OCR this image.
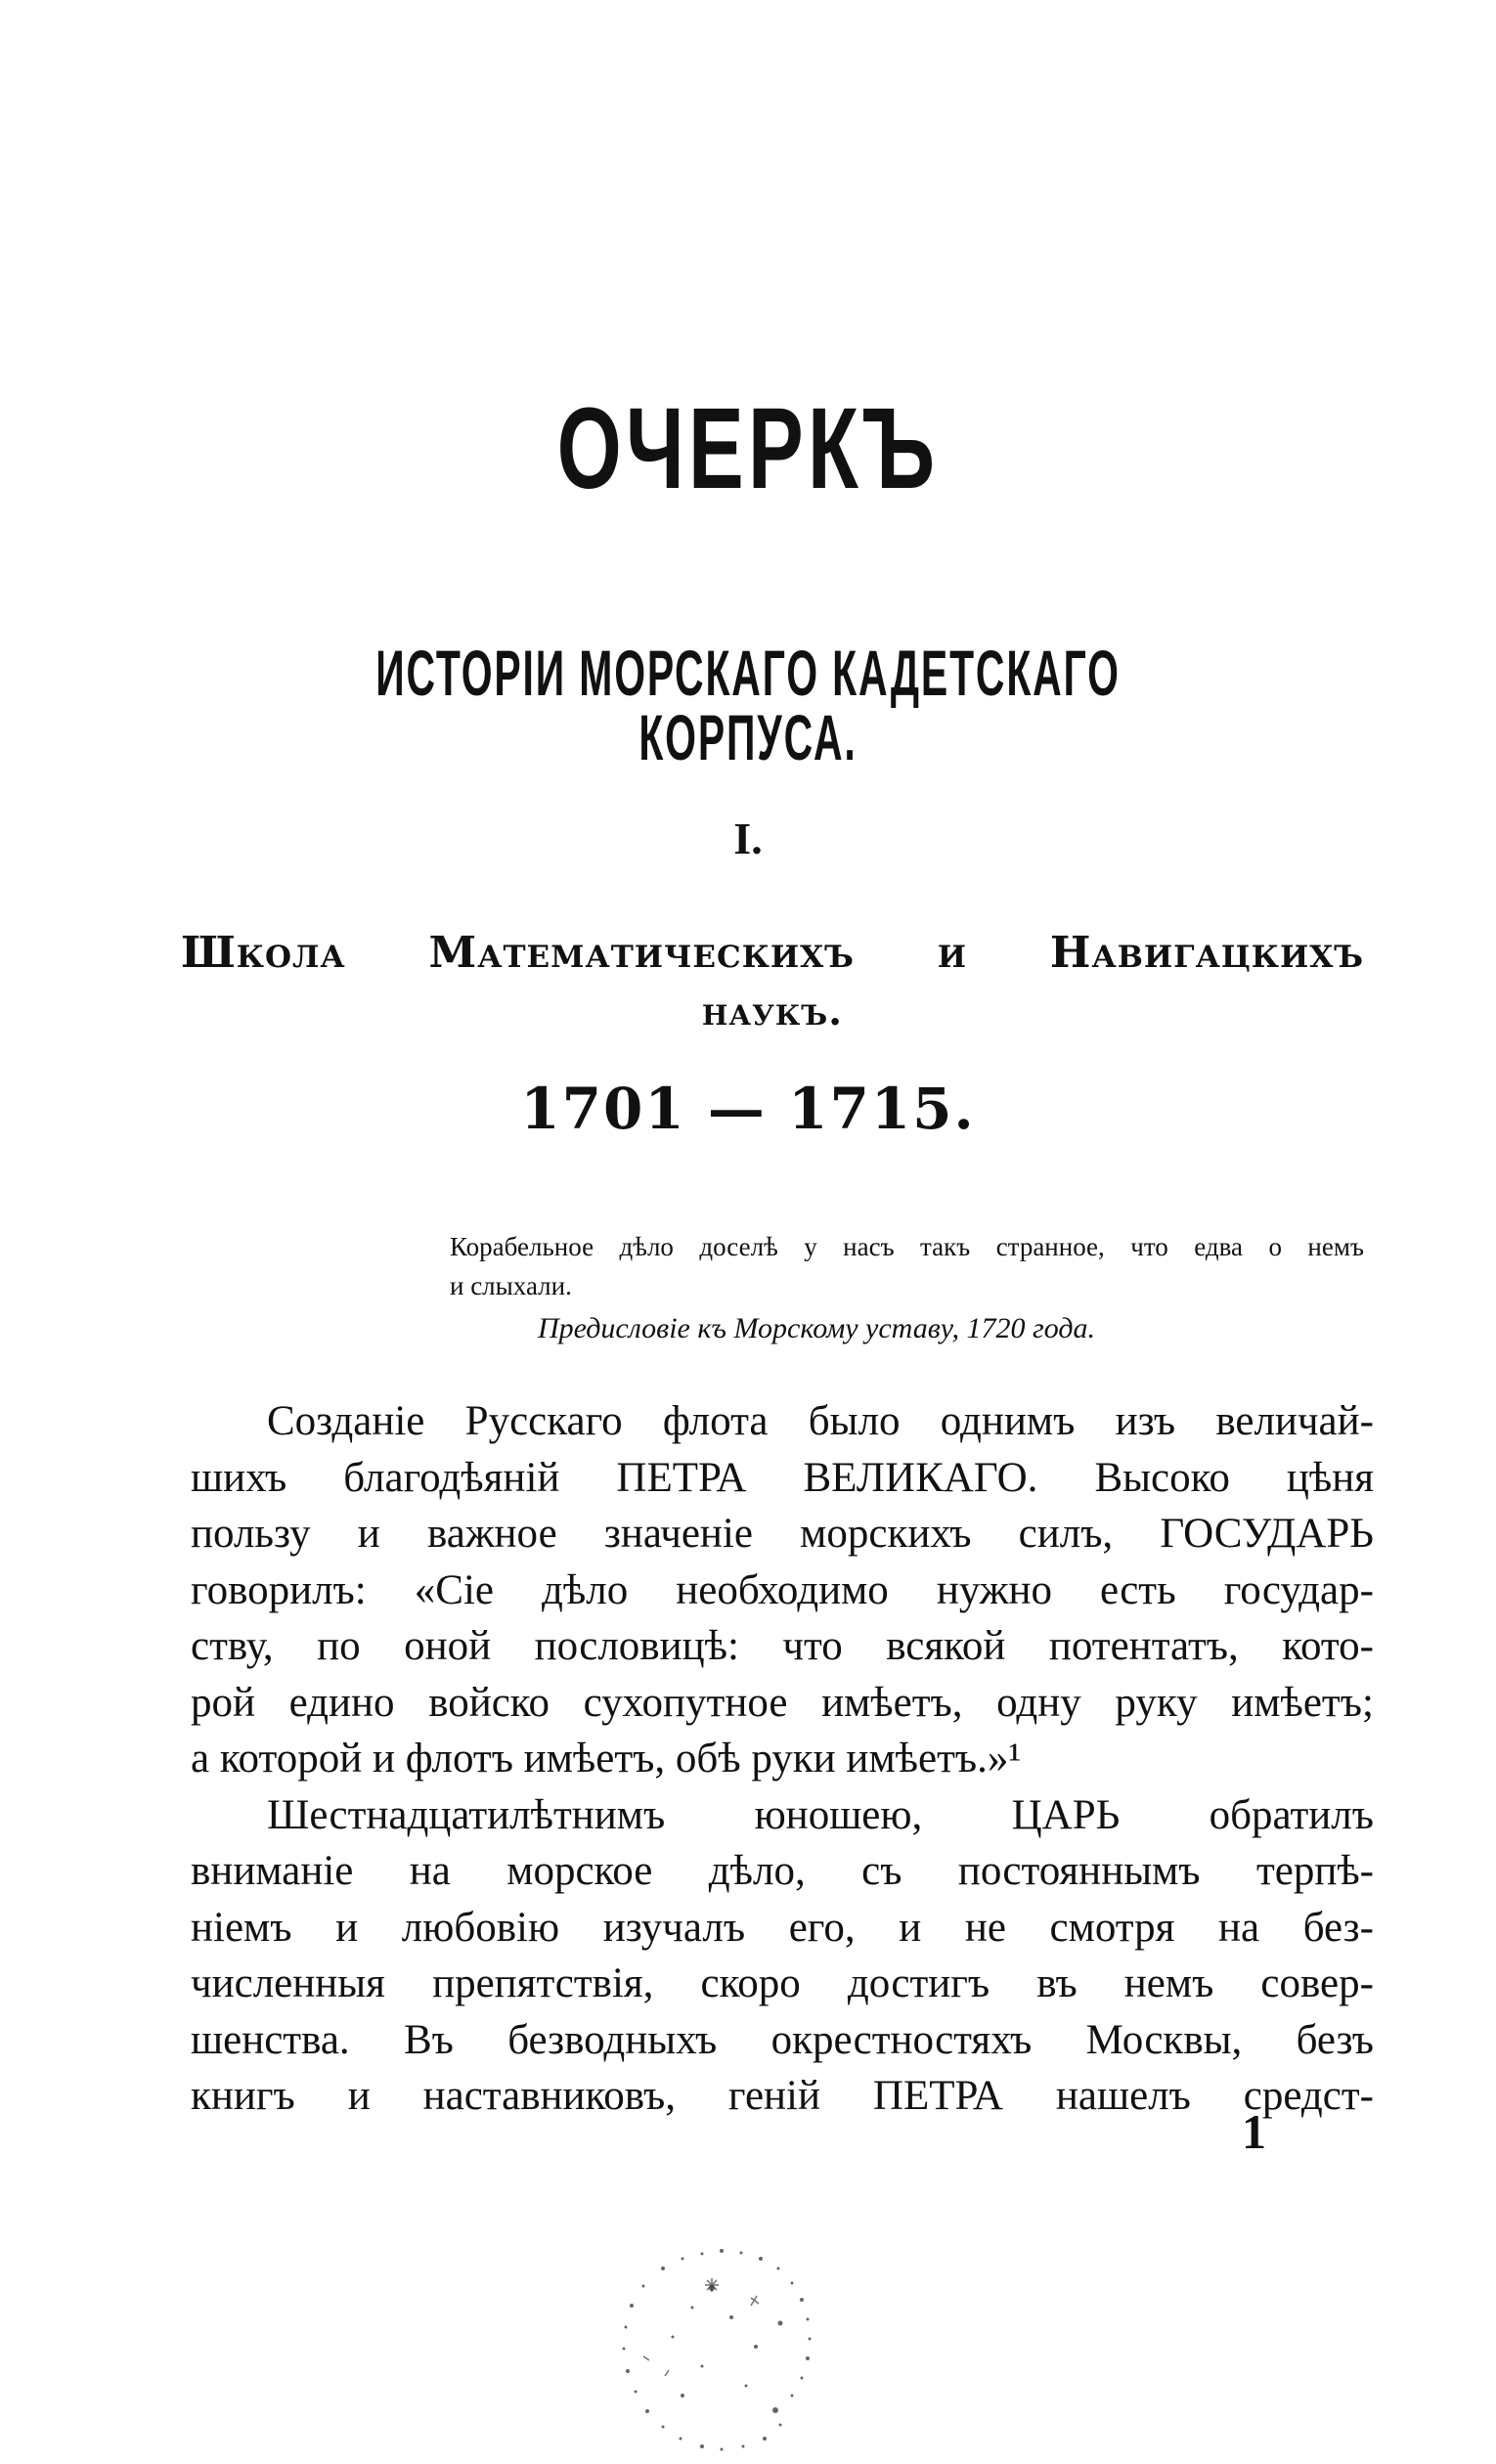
ОЧЕРКЪ
ИСТОРІИ МОРСКАГО КАДЕТСКАГО КОРПУСА.
I.
Школа Математическихъ и Навигацкихъ
наукъ.
1701 — 1715.
Корабельное дѣло доселѣ у насъ такъ странное, что едва о немъ
и слыхали.
Предисловіе къ Морскому уставу, 1720 года.
Созданіе Русскаго флота было однимъ изъ величай-
шихъ благодѣяній ПЕТРА ВЕЛИКАГО. Высоко цѣня
пользу и важное значеніе морскихъ силъ, ГОСУДАРЬ
говорилъ: «Сіе дѣло необходимо нужно есть государ-
ству, по оной пословицѣ: что всякой потентатъ, кото-
рой едино войско сухопутное имѣетъ, одну руку имѣетъ;
а которой и флотъ имѣетъ, обѣ руки имѣетъ.»¹
Шестнадцатилѣтнимъ юношею, ЦАРЬ обратилъ
вниманіе на морское дѣло, съ постояннымъ терпѣ-
ніемъ и любовію изучалъ его, и не смотря на без-
численныя препятствія, скоро достигъ въ немъ совер-
шенства. Въ безводныхъ окрестностяхъ Москвы, безъ
книгъ и наставниковъ, геній ПЕТРА нашелъ средст-
1
